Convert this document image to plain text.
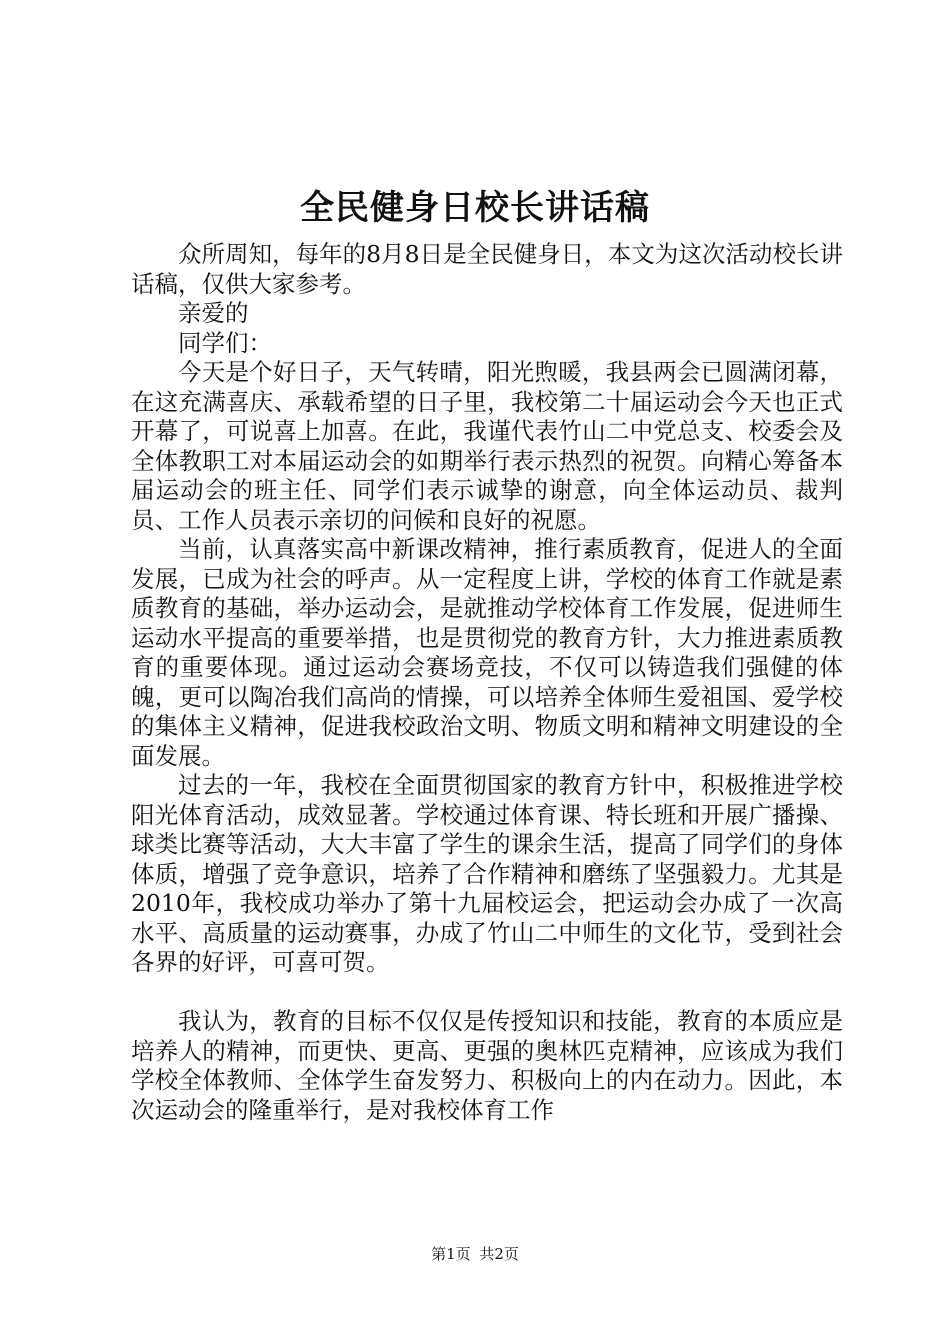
全民健身日校长讲话稿

众所周知，每年的8月8日是全民健身日，本文为这次活动校长讲话稿，仅供大家参考。

亲爱的

同学们：

今天是个好日子，天气转晴，阳光煦暖，我县两会已圆满闭幕，在这充满喜庆、承载希望的日子里，我校第二十届运动会今天也正式开幕了，可说喜上加喜。在此，我谨代表竹山二中党总支、校委会及全体教职工对本届运动会的如期举行表示热烈的祝贺。向精心筹备本届运动会的班主任、同学们表示诚挚的谢意，向全体运动员、裁判员、工作人员表示亲切的问候和良好的祝愿。

当前，认真落实高中新课改精神，推行素质教育，促进人的全面发展，已成为社会的呼声。从一定程度上讲，学校的体育工作就是素质教育的基础，举办运动会，是就推动学校体育工作发展，促进师生运动水平提高的重要举措，也是贯彻党的教育方针，大力推进素质教育的重要体现。通过运动会赛场竞技，不仅可以铸造我们强健的体魄，更可以陶冶我们高尚的情操，可以培养全体师生爱祖国、爱学校的集体主义精神，促进我校政治文明、物质文明和精神文明建设的全面发展。

过去的一年，我校在全面贯彻国家的教育方针中，积极推进学校阳光体育活动，成效显著。学校通过体育课、特长班和开展广播操、球类比赛等活动，大大丰富了学生的课余生活，提高了同学们的身体体质，增强了竞争意识，培养了合作精神和磨练了坚强毅力。尤其是2010年，我校成功举办了第十九届校运会，把运动会办成了一次高水平、高质量的运动赛事，办成了竹山二中师生的文化节，受到社会各界的好评，可喜可贺。

我认为，教育的目标不仅仅是传授知识和技能，教育的本质应是培养人的精神，而更快、更高、更强的奥林匹克精神，应该成为我们学校全体教师、全体学生奋发努力、积极向上的内在动力。因此，本次运动会的隆重举行，是对我校体育工作

第1页 共2页
